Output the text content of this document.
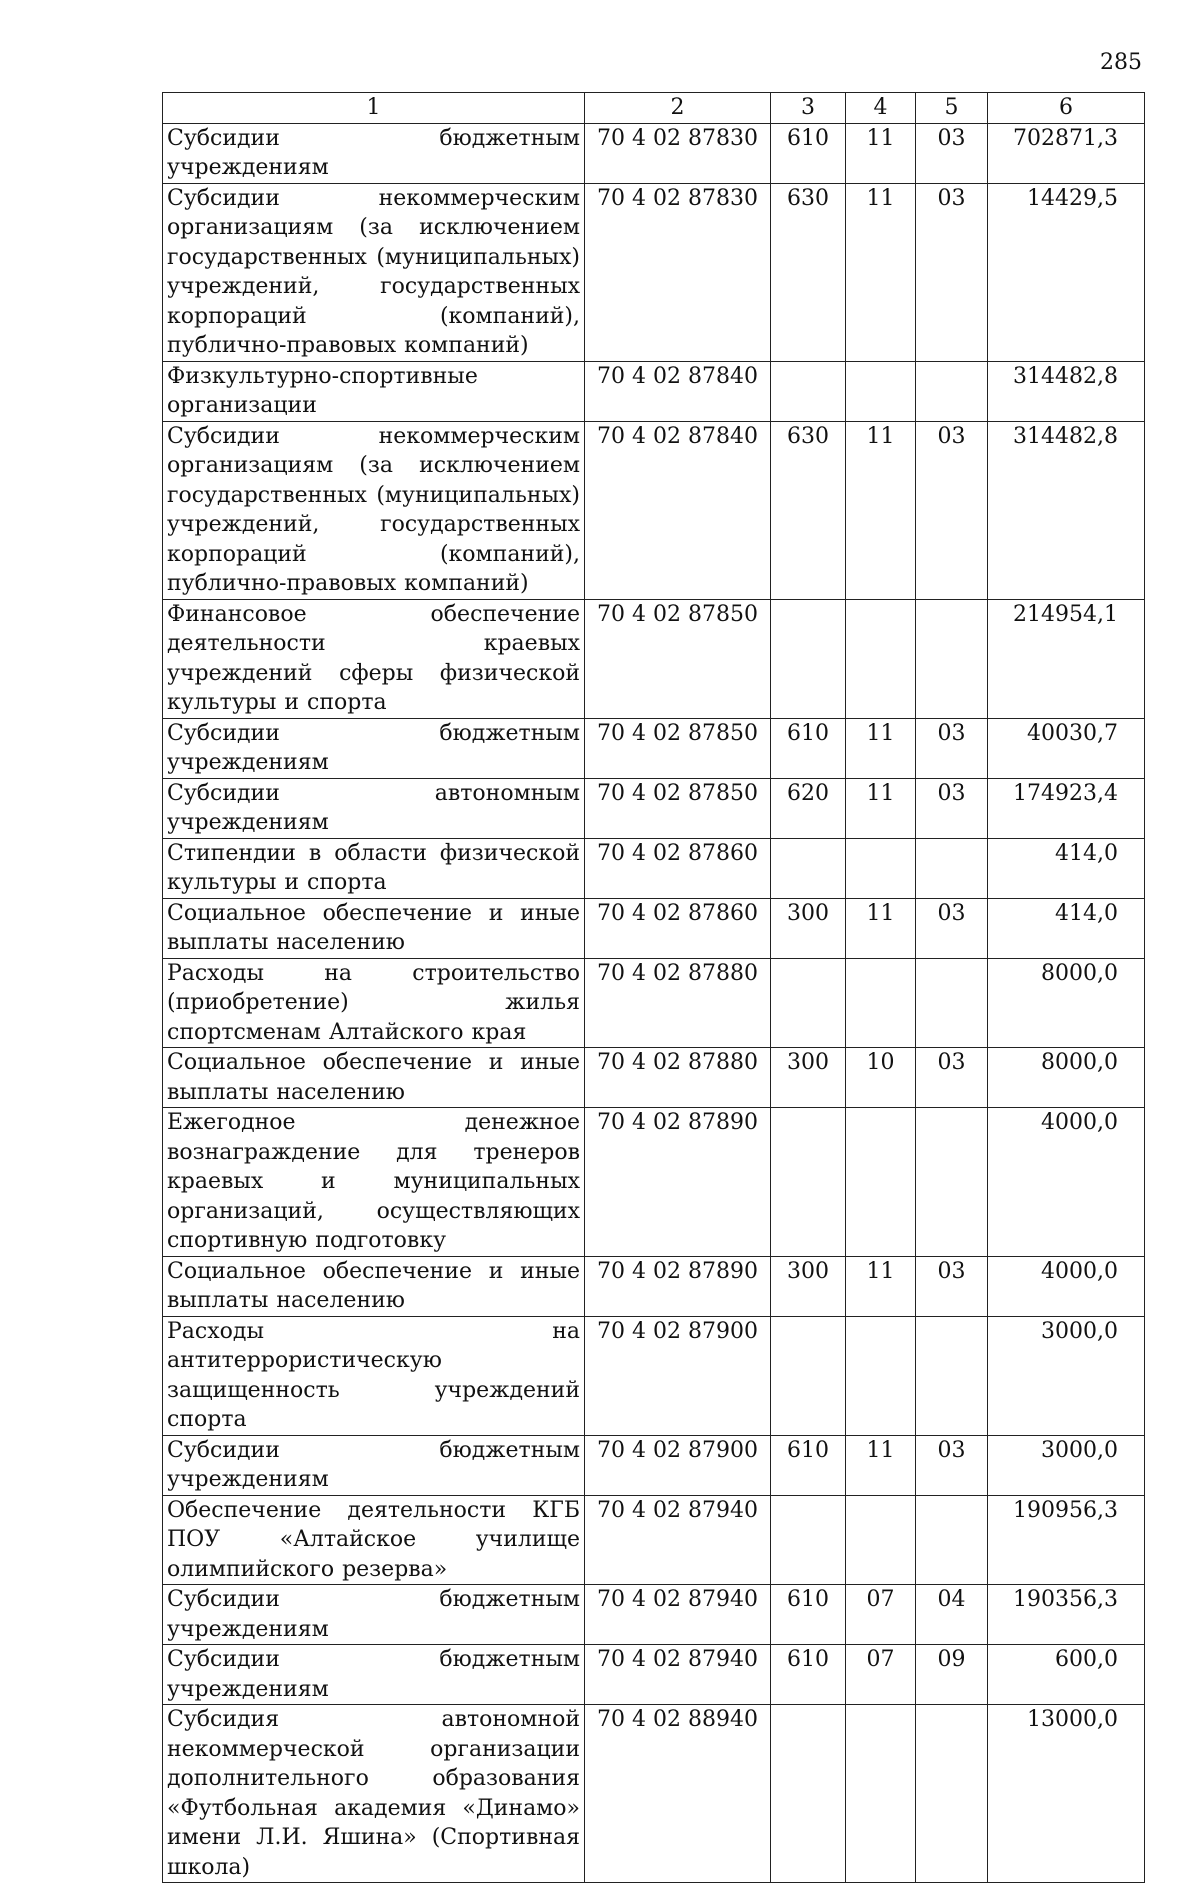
285
1	2	3	4	5	6
Субсидии бюджетным учреждениям	70 4 02 87830	610	11	03	702871,3
Субсидии некоммерческим организациям (за исключением государственных (муниципальных) учреждений, государственных корпораций (компаний), публично-правовых компаний)	70 4 02 87830	630	11	03	14429,5
Физкультурно-спортивные организации	70 4 02 87840				314482,8
Субсидии некоммерческим организациям (за исключением государственных (муниципальных) учреждений, государственных корпораций (компаний), публично-правовых компаний)	70 4 02 87840	630	11	03	314482,8
Финансовое обеспечение деятельности краевых учреждений сферы физической культуры и спорта	70 4 02 87850				214954,1
Субсидии бюджетным учреждениям	70 4 02 87850	610	11	03	40030,7
Субсидии автономным учреждениям	70 4 02 87850	620	11	03	174923,4
Стипендии в области физической культуры и спорта	70 4 02 87860				414,0
Социальное обеспечение и иные выплаты населению	70 4 02 87860	300	11	03	414,0
Расходы на строительство (приобретение) жилья спортсменам Алтайского края	70 4 02 87880				8000,0
Социальное обеспечение и иные выплаты населению	70 4 02 87880	300	10	03	8000,0
Ежегодное денежное вознаграждение для тренеров краевых и муниципальных организаций, осуществляющих спортивную подготовку	70 4 02 87890				4000,0
Социальное обеспечение и иные выплаты населению	70 4 02 87890	300	11	03	4000,0
Расходы на антитеррористическую защищенность учреждений спорта	70 4 02 87900				3000,0
Субсидии бюджетным учреждениям	70 4 02 87900	610	11	03	3000,0
Обеспечение деятельности КГБ ПОУ «Алтайское училище олимпийского резерва»	70 4 02 87940				190956,3
Субсидии бюджетным учреждениям	70 4 02 87940	610	07	04	190356,3
Субсидии бюджетным учреждениям	70 4 02 87940	610	07	09	600,0
Субсидия автономной некоммерческой организации дополнительного образования «Футбольная академия «Динамо» имени Л.И. Яшина» (Спортивная школа)	70 4 02 88940				13000,0
